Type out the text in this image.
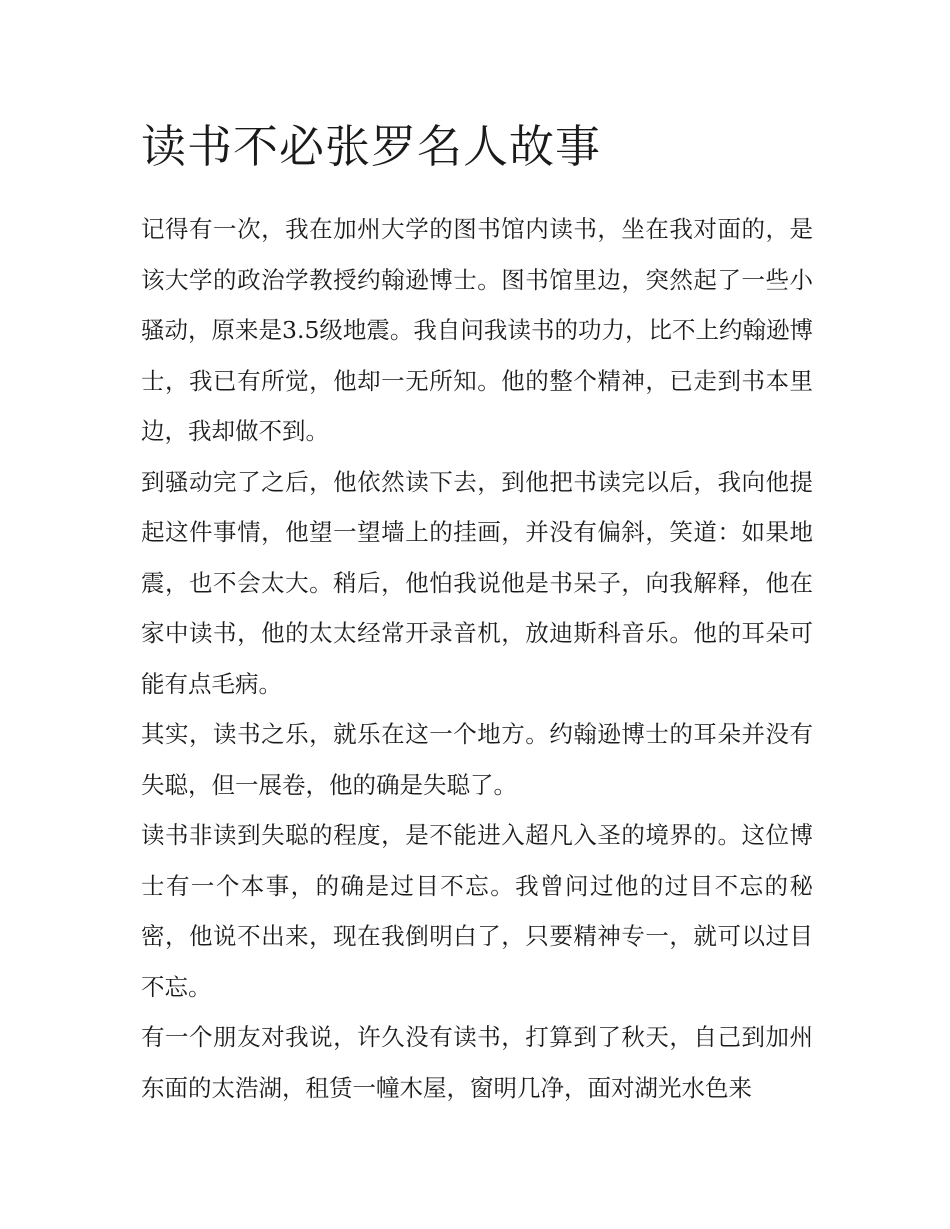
读书不必张罗名人故事

记得有一次，我在加州大学的图书馆内读书，坐在我对面的，是该大学的政治学教授约翰逊博士。图书馆里边，突然起了一些小骚动，原来是3.5级地震。我自问我读书的功力，比不上约翰逊博士，我已有所觉，他却一无所知。他的整个精神，已走到书本里边，我却做不到。

到骚动完了之后，他依然读下去，到他把书读完以后，我向他提起这件事情，他望一望墙上的挂画，并没有偏斜，笑道：如果地震，也不会太大。稍后，他怕我说他是书呆子，向我解释，他在家中读书，他的太太经常开录音机，放迪斯科音乐。他的耳朵可能有点毛病。

其实，读书之乐，就乐在这一个地方。约翰逊博士的耳朵并没有失聪，但一展卷，他的确是失聪了。

读书非读到失聪的程度，是不能进入超凡入圣的境界的。这位博士有一个本事，的确是过目不忘。我曾问过他的过目不忘的秘密，他说不出来，现在我倒明白了，只要精神专一，就可以过目不忘。

有一个朋友对我说，许久没有读书，打算到了秋天，自己到加州东面的太浩湖，租赁一幢木屋，窗明几净，面对湖光水色来
